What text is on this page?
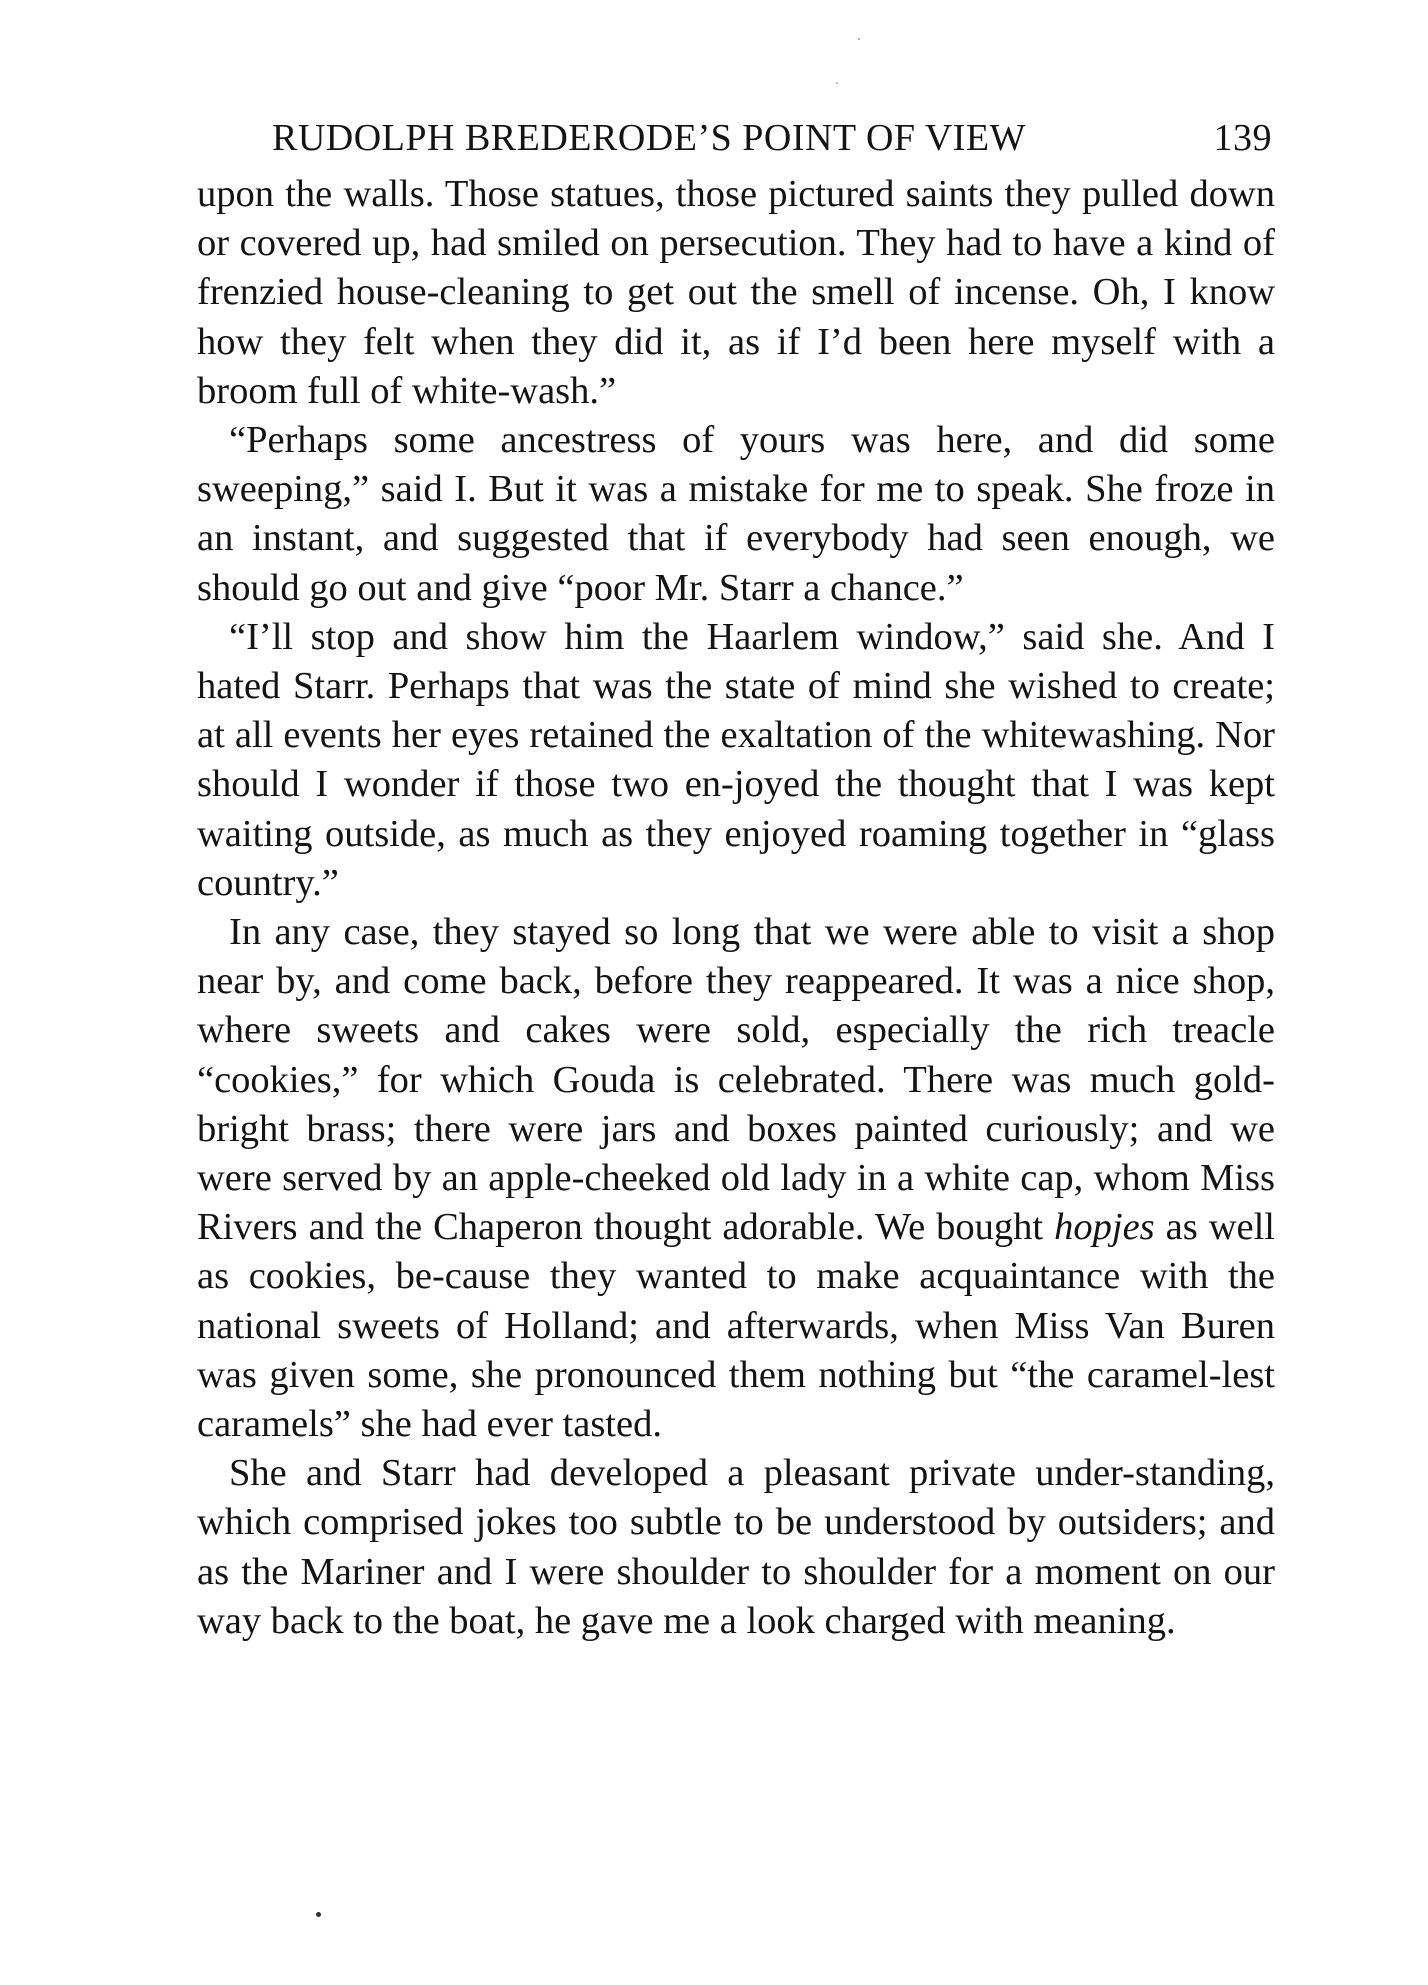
RUDOLPH BREDERODE’S POINT OF VIEW	139

upon the walls. Those statues, those pictured saints they pulled down or covered up, had smiled on persecution. They had to have a kind of frenzied house-cleaning to get out the smell of incense. Oh, I know how they felt when they did it, as if I’d been here myself with a broom full of white-wash.”

“Perhaps some ancestress of yours was here, and did some sweeping,” said I. But it was a mistake for me to speak. She froze in an instant, and suggested that if everybody had seen enough, we should go out and give “poor Mr. Starr a chance.”

“I’ll stop and show him the Haarlem window,” said she. And I hated Starr. Perhaps that was the state of mind she wished to create; at all events her eyes retained the exaltation of the whitewashing. Nor should I wonder if those two en-joyed the thought that I was kept waiting outside, as much as they enjoyed roaming together in “glass country.”

In any case, they stayed so long that we were able to visit a shop near by, and come back, before they reappeared. It was a nice shop, where sweets and cakes were sold, especially the rich treacle “cookies,” for which Gouda is celebrated. There was much gold-bright brass; there were jars and boxes painted curiously; and we were served by an apple-cheeked old lady in a white cap, whom Miss Rivers and the Chaperon thought adorable. We bought hopjes as well as cookies, be-cause they wanted to make acquaintance with the national sweets of Holland; and afterwards, when Miss Van Buren was given some, she pronounced them nothing but “the caramel-lest caramels” she had ever tasted.

She and Starr had developed a pleasant private under-standing, which comprised jokes too subtle to be understood by outsiders; and as the Mariner and I were shoulder to shoulder for a moment on our way back to the boat, he gave me a look charged with meaning.
